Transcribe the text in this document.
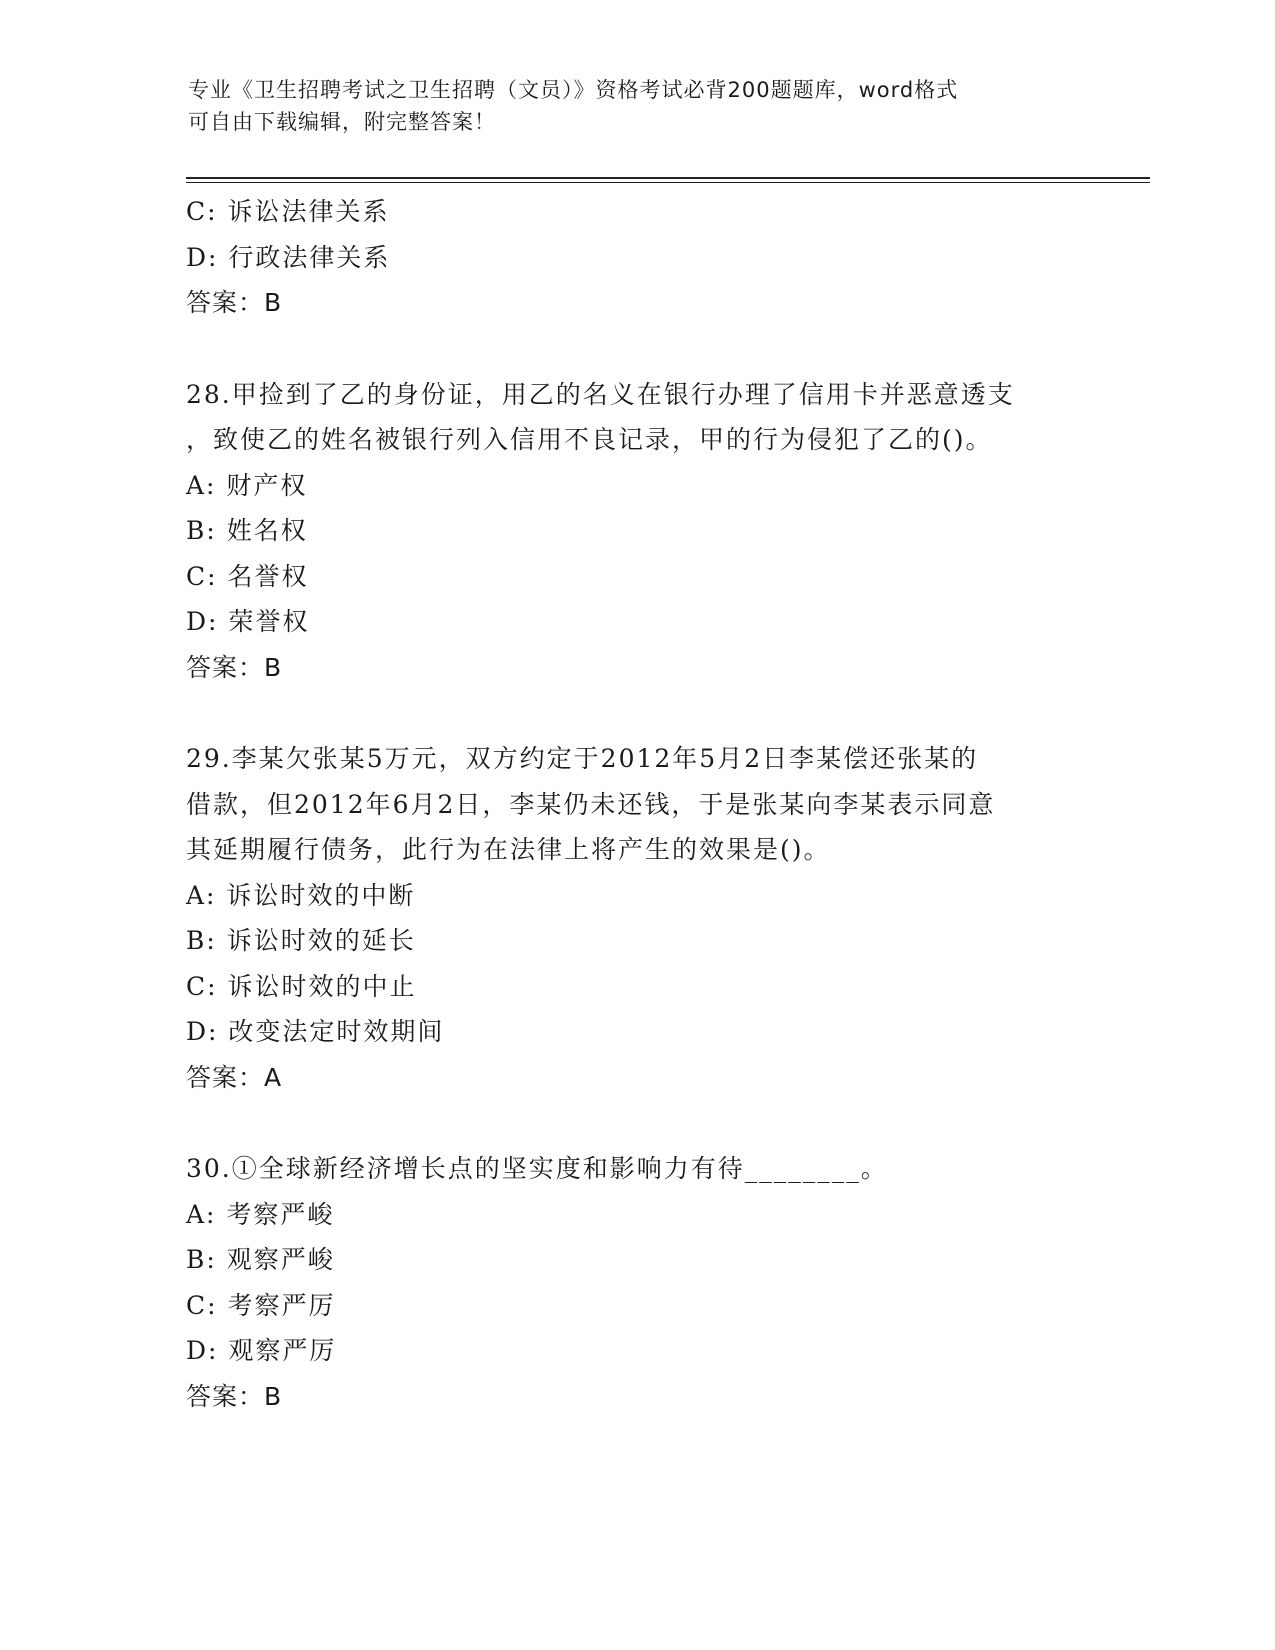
专业《卫生招聘考试之卫生招聘（文员）》资格考试必背200题题库，word格式
可自由下载编辑，附完整答案！
C: 诉讼法律关系
D: 行政法律关系
答案：B
28.甲捡到了乙的身份证，用乙的名义在银行办理了信用卡并恶意透支
，致使乙的姓名被银行列入信用不良记录，甲的行为侵犯了乙的()。
A: 财产权
B: 姓名权
C: 名誉权
D: 荣誉权
答案：B
29.李某欠张某5万元，双方约定于2012年5月2日李某偿还张某的
借款，但2012年6月2日，李某仍未还钱，于是张某向李某表示同意
其延期履行债务，此行为在法律上将产生的效果是()。
A: 诉讼时效的中断
B: 诉讼时效的延长
C: 诉讼时效的中止
D: 改变法定时效期间
答案：A
30.①全球新经济增长点的坚实度和影响力有待________。
A: 考察严峻
B: 观察严峻
C: 考察严厉
D: 观察严厉
答案：B
